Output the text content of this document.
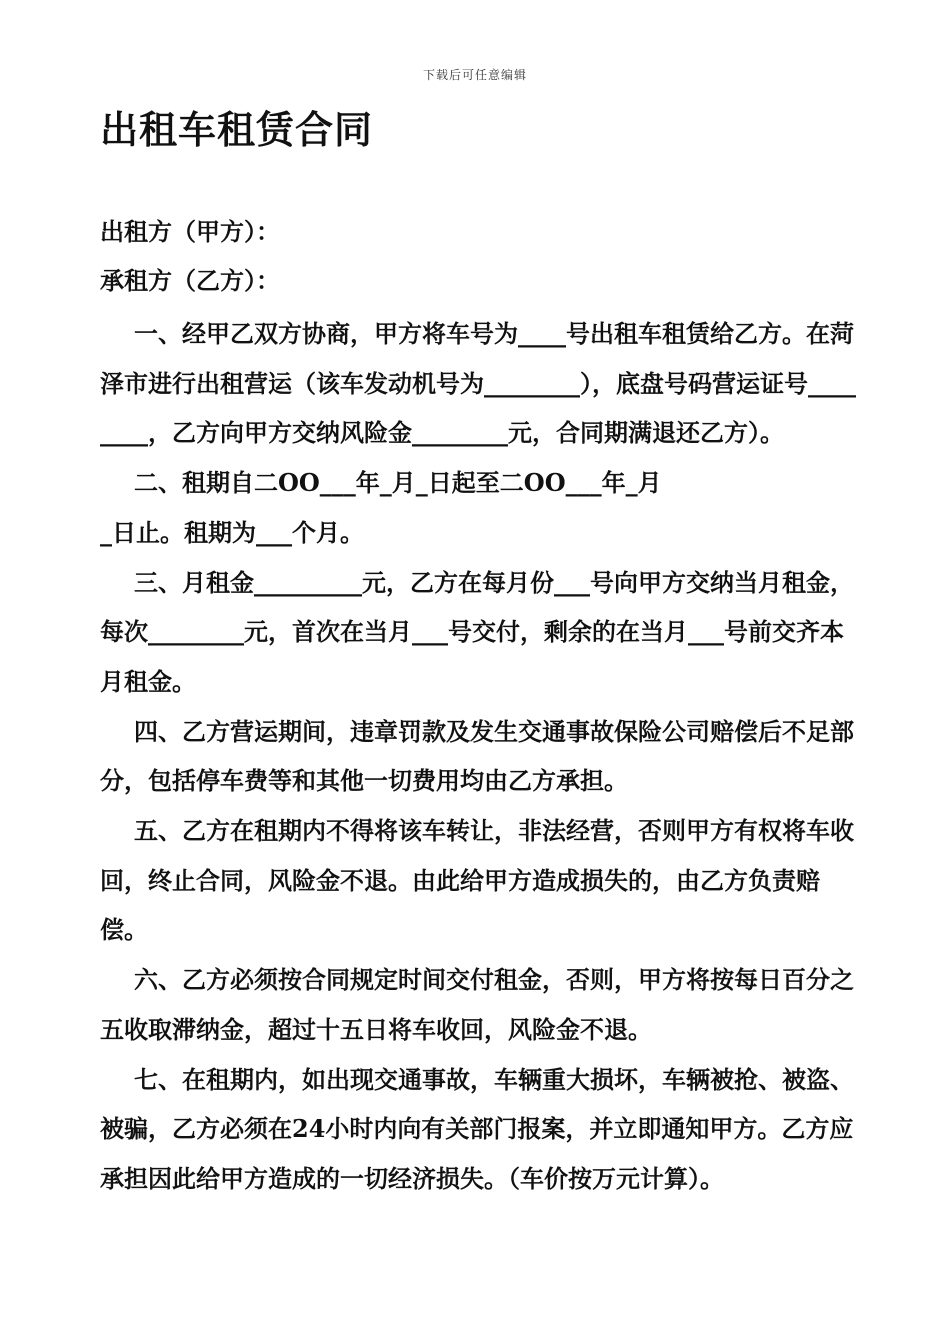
下载后可任意编辑
出租车租赁合同
出租方（甲方）：
承租方（乙方）：

一、经甲乙双方协商，甲方将车号为____号出租车租赁给乙方。在菏泽市进行出租营运（该车发动机号为________），底盘号码营运证号________，乙方向甲方交纳风险金________元，合同期满退还乙方）。

二、租期自二OO___年_月_日起至二OO___年_月

_日止。租期为___个月。

三、月租金_________元，乙方在每月份___号向甲方交纳当月租金，每次________元，首次在当月___号交付，剩余的在当月___号前交齐本月租金。

四、乙方营运期间，违章罚款及发生交通事故保险公司赔偿后不足部分，包括停车费等和其他一切费用均由乙方承担。

五、乙方在租期内不得将该车转让，非法经营，否则甲方有权将车收回，终止合同，风险金不退。由此给甲方造成损失的，由乙方负责赔偿。

六、乙方必须按合同规定时间交付租金，否则，甲方将按每日百分之五收取滞纳金，超过十五日将车收回，风险金不退。

七、在租期内，如出现交通事故，车辆重大损坏，车辆被抢、被盗、被骗，乙方必须在24小时内向有关部门报案，并立即通知甲方。乙方应承担因此给甲方造成的一切经济损失。（车价按万元计算）。
